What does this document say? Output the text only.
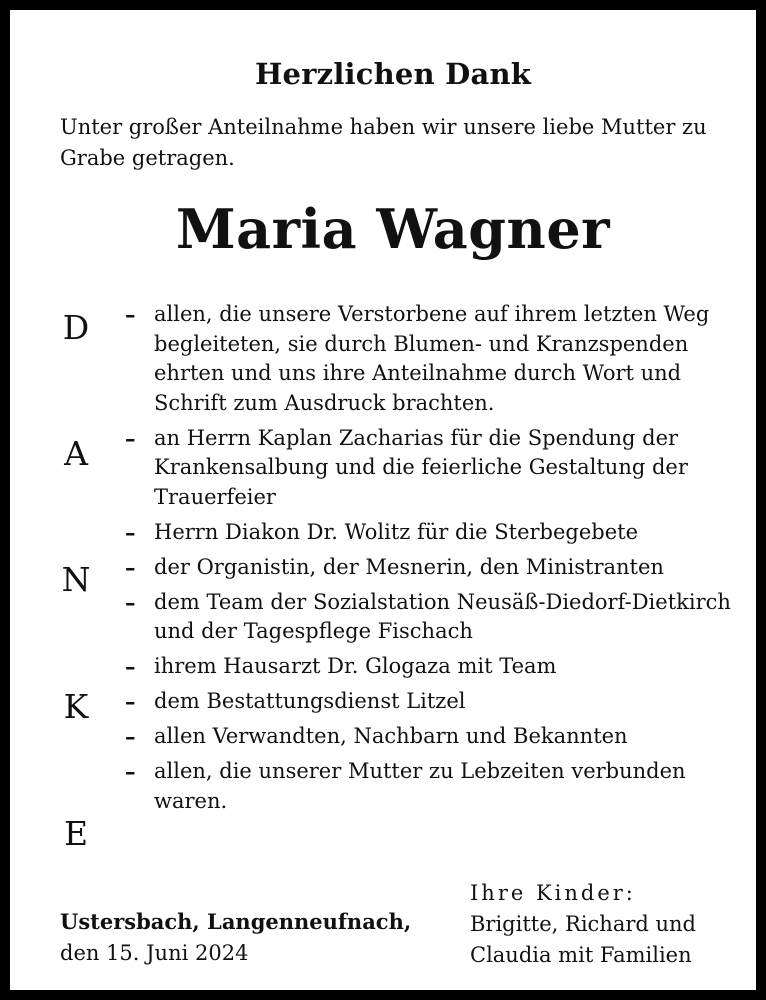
Herzlichen Dank
Unter großer Anteilnahme haben wir unsere liebe Mutter zu Grabe getragen.
Maria Wagner
D
A
N
K
E
– allen, die unsere Verstorbene auf ihrem letzten Weg begleiteten, sie durch Blumen- und Kranzspenden ehrten und uns ihre Anteilnahme durch Wort und Schrift zum Ausdruck brachten.
– an Herrn Kaplan Zacharias für die Spendung der Krankensalbung und die feierliche Gestaltung der Trauerfeier
– Herrn Diakon Dr. Wolitz für die Sterbegebete
– der Organistin, der Mesnerin, den Ministranten
– dem Team der Sozialstation Neusäß-Diedorf-Dietkirch und der Tagespflege Fischach
– ihrem Hausarzt Dr. Glogaza mit Team
– dem Bestattungsdienst Litzel
– allen Verwandten, Nachbarn und Bekannten
– allen, die unserer Mutter zu Lebzeiten verbunden waren.
Ustersbach, Langenneufnach,
den 15. Juni 2024
Ihre Kinder:
Brigitte, Richard und
Claudia mit Familien
